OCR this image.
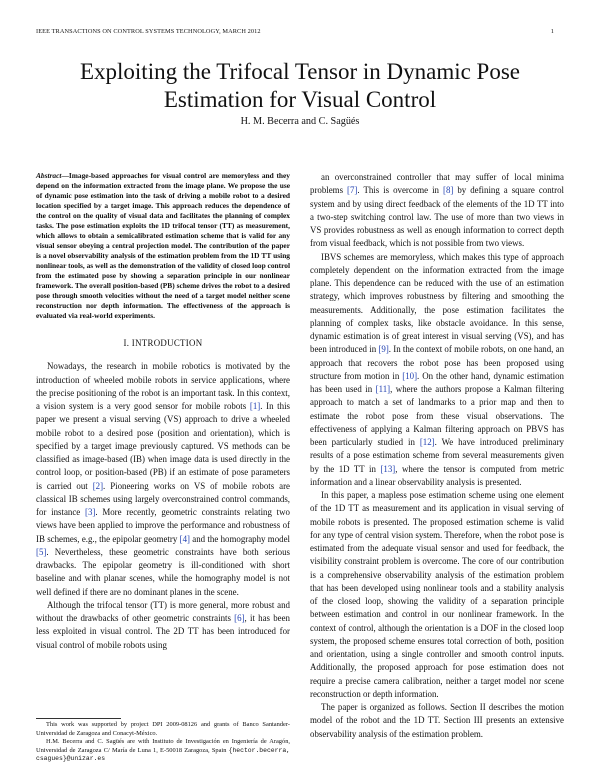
IEEE TRANSACTIONS ON CONTROL SYSTEMS TECHNOLOGY, MARCH 2012	1
Exploiting the Trifocal Tensor in Dynamic Pose Estimation for Visual Control
H. M. Becerra and C. Sagüés
Abstract—Image-based approaches for visual control are memoryless and they depend on the information extracted from the image plane. We propose the use of dynamic pose estimation into the task of driving a mobile robot to a desired location specified by a target image. This approach reduces the dependence of the control on the quality of visual data and facilitates the planning of complex tasks. The pose estimation exploits the 1D trifocal tensor (TT) as measurement, which allows to obtain a semicalibrated estimation scheme that is valid for any visual sensor obeying a central projection model. The contribution of the paper is a novel observability analysis of the estimation problem from the 1D TT using nonlinear tools, as well as the demonstration of the validity of closed loop control from the estimated pose by showing a separation principle in our nonlinear framework. The overall position-based (PB) scheme drives the robot to a desired pose through smooth velocities without the need of a target model neither scene reconstruction nor depth information. The effectiveness of the approach is evaluated via real-world experiments.
I. INTRODUCTION

Nowadays, the research in mobile robotics is motivated by the introduction of wheeled mobile robots in service applications, where the precise positioning of the robot is an important task. In this context, a vision system is a very good sensor for mobile robots [1]. In this paper we present a visual serving (VS) approach to drive a wheeled mobile robot to a desired pose (position and orientation), which is specified by a target image previously captured. VS methods can be classified as image-based (IB) when image data is used directly in the control loop, or position-based (PB) if an estimate of pose parameters is carried out [2]. Pioneering works on VS of mobile robots are classical IB schemes using largely overconstrained control commands, for instance [3]. More recently, geometric constraints relating two views have been applied to improve the performance and robustness of IB schemes, e.g., the epipolar geometry [4] and the homography model [5]. Nevertheless, these geometric constraints have both serious drawbacks. The epipolar geometry is ill-conditioned with short baseline and with planar scenes, while the homography model is not well defined if there are no dominant planes in the scene.

Although the trifocal tensor (TT) is more general, more robust and without the drawbacks of other geometric constraints [6], it has been less exploited in visual control. The 2D TT has been introduced for visual control of mobile robots using

an overconstrained controller that may suffer of local minima problems [7]. This is overcome in [8] by defining a square control system and by using direct feedback of the elements of the 1D TT into a two-step switching control law. The use of more than two views in VS provides robustness as well as enough information to correct depth from visual feedback, which is not possible from two views.

IBVS schemes are memoryless, which makes this type of approach completely dependent on the information extracted from the image plane. This dependence can be reduced with the use of an estimation strategy, which improves robustness by filtering and smoothing the measurements. Additionally, the pose estimation facilitates the planning of complex tasks, like obstacle avoidance. In this sense, dynamic estimation is of great interest in visual serving (VS), and has been introduced in [9]. In the context of mobile robots, on one hand, an approach that recovers the robot pose has been proposed using structure from motion in [10]. On the other hand, dynamic estimation has been used in [11], where the authors propose a Kalman filtering approach to match a set of landmarks to a prior map and then to estimate the robot pose from these visual observations. The effectiveness of applying a Kalman filtering approach on PBVS has been particularly studied in [12]. We have introduced preliminary results of a pose estimation scheme from several measurements given by the 1D TT in [13], where the tensor is computed from metric information and a linear observability analysis is presented.

In this paper, a mapless pose estimation scheme using one element of the 1D TT as measurement and its application in visual serving of mobile robots is presented. The proposed estimation scheme is valid for any type of central vision system. Therefore, when the robot pose is estimated from the adequate visual sensor and used for feedback, the visibility constraint problem is overcome. The core of our contribution is a comprehensive observability analysis of the estimation problem that has been developed using nonlinear tools and a stability analysis of the closed loop, showing the validity of a separation principle between estimation and control in our nonlinear framework. In the context of control, although the orientation is a DOF in the closed loop system, the proposed scheme ensures total correction of both, position and orientation, using a single controller and smooth control inputs. Additionally, the proposed approach for pose estimation does not require a precise camera calibration, neither a target model nor scene reconstruction or depth information.

The paper is organized as follows. Section II describes the motion model of the robot and the 1D TT. Section III presents an extensive observability analysis of the estimation problem.

This work was supported by project DPI 2009-08126 and grants of Banco Santander-Universidad de Zaragoza and Conacyt-México.

H.M. Becerra and C. Sagüés are with Instituto de Investigación en Ingeniería de Aragón, Universidad de Zaragoza C/ María de Luna 1, E-50018 Zaragoza, Spain {hector.becerra, csagues}@unizar.es
